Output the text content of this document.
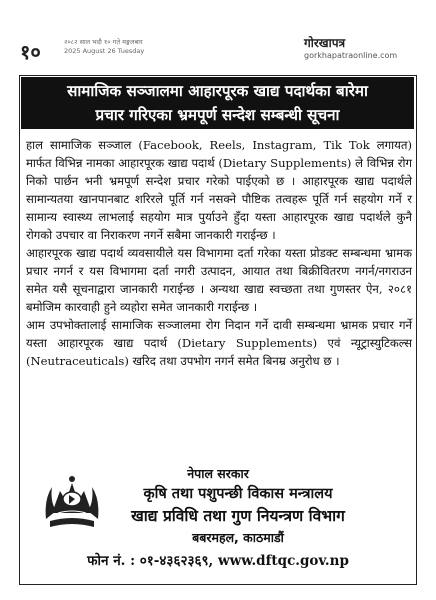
१०	२०८२ साल भदौ १० गते मङ्गलबार
2025 August 26 Tuesday
गोरखापत्र
gorkhapatraonline.com
सामाजिक सञ्जालमा आहारपूरक खाद्य पदार्थका बारेमा
प्रचार गरिएका भ्रमपूर्ण सन्देश सम्बन्धी सूचना

हाल सामाजिक सञ्जाल (Facebook, Reels, Instagram, Tik Tok लगायत) मार्फत विभिन्न नामका आहारपूरक खाद्य पदार्थ (Dietary Supplements) ले विभिन्न रोग निको पार्छन भनी भ्रमपूर्ण सन्देश प्रचार गरेको पाईएको छ । आहारपूरक खाद्य पदार्थले सामान्यतया खानपानबाट शरिरले पूर्ति गर्न नसक्ने पौष्टिक तत्वहरू पूर्ति गर्न सहयोग गर्ने र सामान्य स्वास्थ्य लाभलाई सहयोग मात्र पुर्याउने हुँदा यस्ता आहारपूरक खाद्य पदार्थले कुनै रोगको उपचार वा निराकरण नगर्ने सबैमा जानकारी गराईन्छ ।

आहारपूरक खाद्य पदार्थ व्यवसायीले यस विभागमा दर्ता गरेका यस्ता प्रोडक्ट सम्बन्धमा भ्रामक प्रचार नगर्न र यस विभागमा दर्ता नगरी उत्पादन, आयात तथा बिक्रीवितरण नगर्न/नगराउन समेत यसै सूचनाद्वारा जानकारी गराईन्छ । अन्यथा खाद्य स्वच्छता तथा गुणस्तर ऐन, २०८१ बमोजिम कारवाही हुने व्यहोरा समेत जानकारी गराईन्छ ।

आम उपभोक्तालाई सामाजिक सञ्जालमा रोग निदान गर्ने दावी सम्बन्धमा भ्रामक प्रचार गर्ने यस्ता आहारपूरक खाद्य पदार्थ (Dietary Supplements) एवं न्यूट्रास्युटिकल्स (Neutraceuticals) खरिद तथा उपभोग नगर्न समेत बिनम्र अनुरोध छ ।

नेपाल सरकार
कृषि तथा पशुपन्छी विकास मन्त्रालय
खाद्य प्रविधि तथा गुण नियन्त्रण विभाग
बबरमहल, काठमाडौं
फोन नं. : ०१-४३६२३६९, www.dftqc.gov.np
